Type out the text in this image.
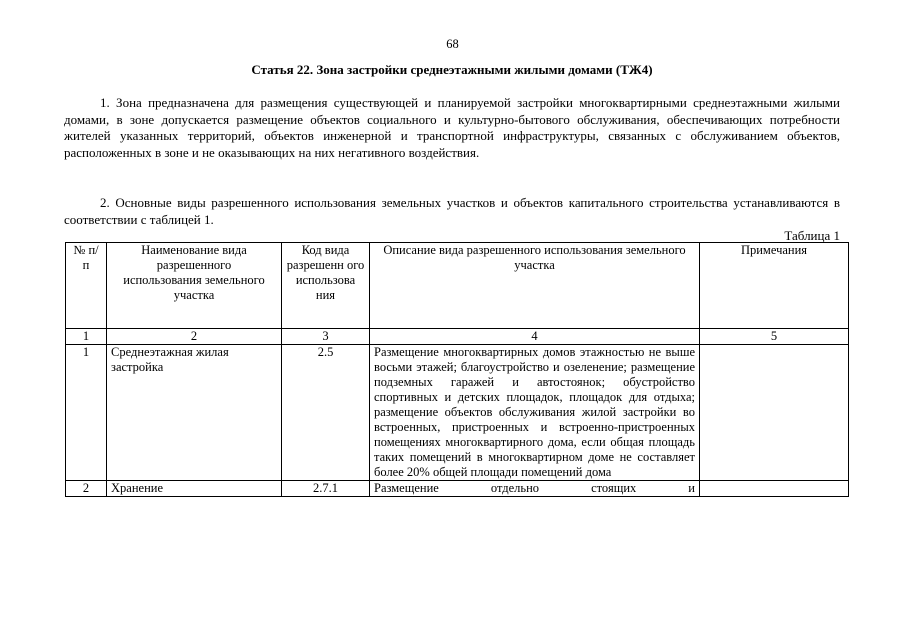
68
Статья 22. Зона застройки среднеэтажными жилыми домами (ТЖ4)

1. Зона предназначена для размещения существующей и планируемой застройки многоквартирными среднеэтажными жилыми домами, в зоне допускается размещение объектов социального и культурно-бытового обслуживания, обеспечивающих потребности жителей указанных территорий, объектов инженерной и транспортной инфраструктуры, связанных с обслуживанием объектов, расположенных в зоне и не оказывающих на них негативного воздействия.

2. Основные виды разрешенного использования земельных участков и объектов капитального строительства устанавливаются в соответствии с таблицей 1.

Таблица 1
№ п/п	Наименование вида разрешенного использования земельного участка	Код вида разрешенн ого использова ния	Описание вида разрешенного использования земельного участка	Примечания
1	2	3	4	5
1	Среднеэтажная жилая застройка	2.5	Размещение многоквартирных домов этажностью не выше восьми этажей; благоустройство и озеленение; размещение подземных гаражей и автостоянок; обустройство спортивных и детских площадок, площадок для отдыха; размещение объектов обслуживания жилой застройки во встроенных, пристроенных и встроенно-пристроенных помещениях многоквартирного дома, если общая площадь таких помещений в многоквартирном доме не составляет более 20% общей площади помещений дома	
2	Хранение	2.7.1	Размещение отдельно стоящих и	
